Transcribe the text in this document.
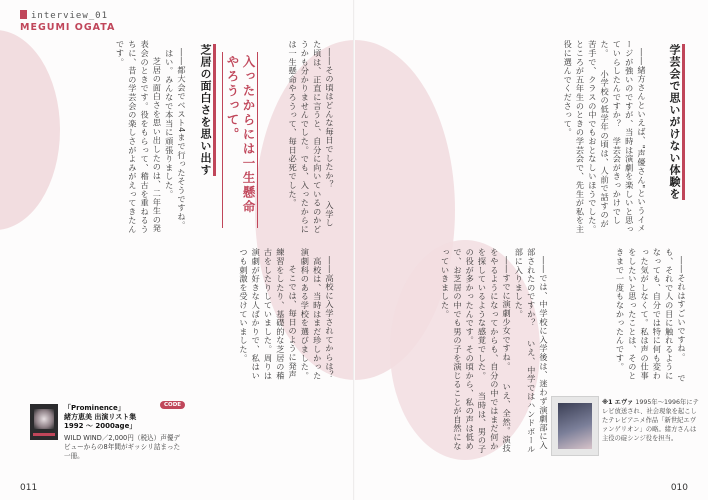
interview_01
MEGUMI OGATA
学芸会で思いがけない体験を

――緒方さんといえば、"声優さん"というイメージが強いのですが、当時は演劇を楽しいと思っていらしたんですか？　学芸会がきっかけでした。 　小学校の低学年の頃は、人前で話すのが苦手で、クラスの中でもおとなしいほうでした。ところが五年生のときの学芸会で、先生が私を主役に選んでくださって。

――それはすごいですね。 　でも、それで人の目に触れるようになっても、自分では特に何も変わった気がしなくて。私は声の仕事をしたいと思ったことは、そのときまで一度もなかったんです。

――では、中学校に入学後は、迷わず演劇部に入部されたのですか？ 　いえ、中学ではハンドボール部に入りました。

――すでに演劇少女ですね。 　いえ、全然。演技をやるようになってからも、自分の中ではまだ何かを探しているような感覚でした。 　当時は、男の子の役が多かったんです。その頃から、私の声は低めで、お芝居の中でも男の子を演じることが自然になっていきました。

※1 エヴァ 1995年～1996年にテレビ放送され、社会現象を起こしたテレビアニメ作品「新世紀エヴァンゲリオン」の略。緒方さんは主役の碇シンジ役を担当。
010
芝居の面白さを思い出す	入ったからには一生懸命やろうって。	――その頃はどんな毎日でしたか？ 　入学した頃は、正直に言うと、自分に向いているのかどうかも分かりませんでした。でも、入ったからには一生懸命やろうって、毎日必死でした。

――都大会でベスト4まで行ったそうですね。 　はい。みんなで本当に頑張りました。

　芝居の面白さを思い出したのは、二年生の発表会のときです。役をもらって、稽古を重ねるうちに、昔の学芸会の楽しさがよみがえってきたんです。

――高校に入学されてからは？ 　高校は、当時はまだ珍しかった演劇科のある学校を選びました。

　そこでは、毎日のように発声練習をしたり、基礎的な芝居の稽古をしたりしていました。周りは演劇が好きな人ばかりで、私はいつも刺激を受けていました。

CODE
「Prominence」
緒方恵美 出演リスト集
1992 ～ 2000age」
WILD WIND／2,000円（税込）声優デビューからの8年間がギッシリ詰まった一冊。
011
